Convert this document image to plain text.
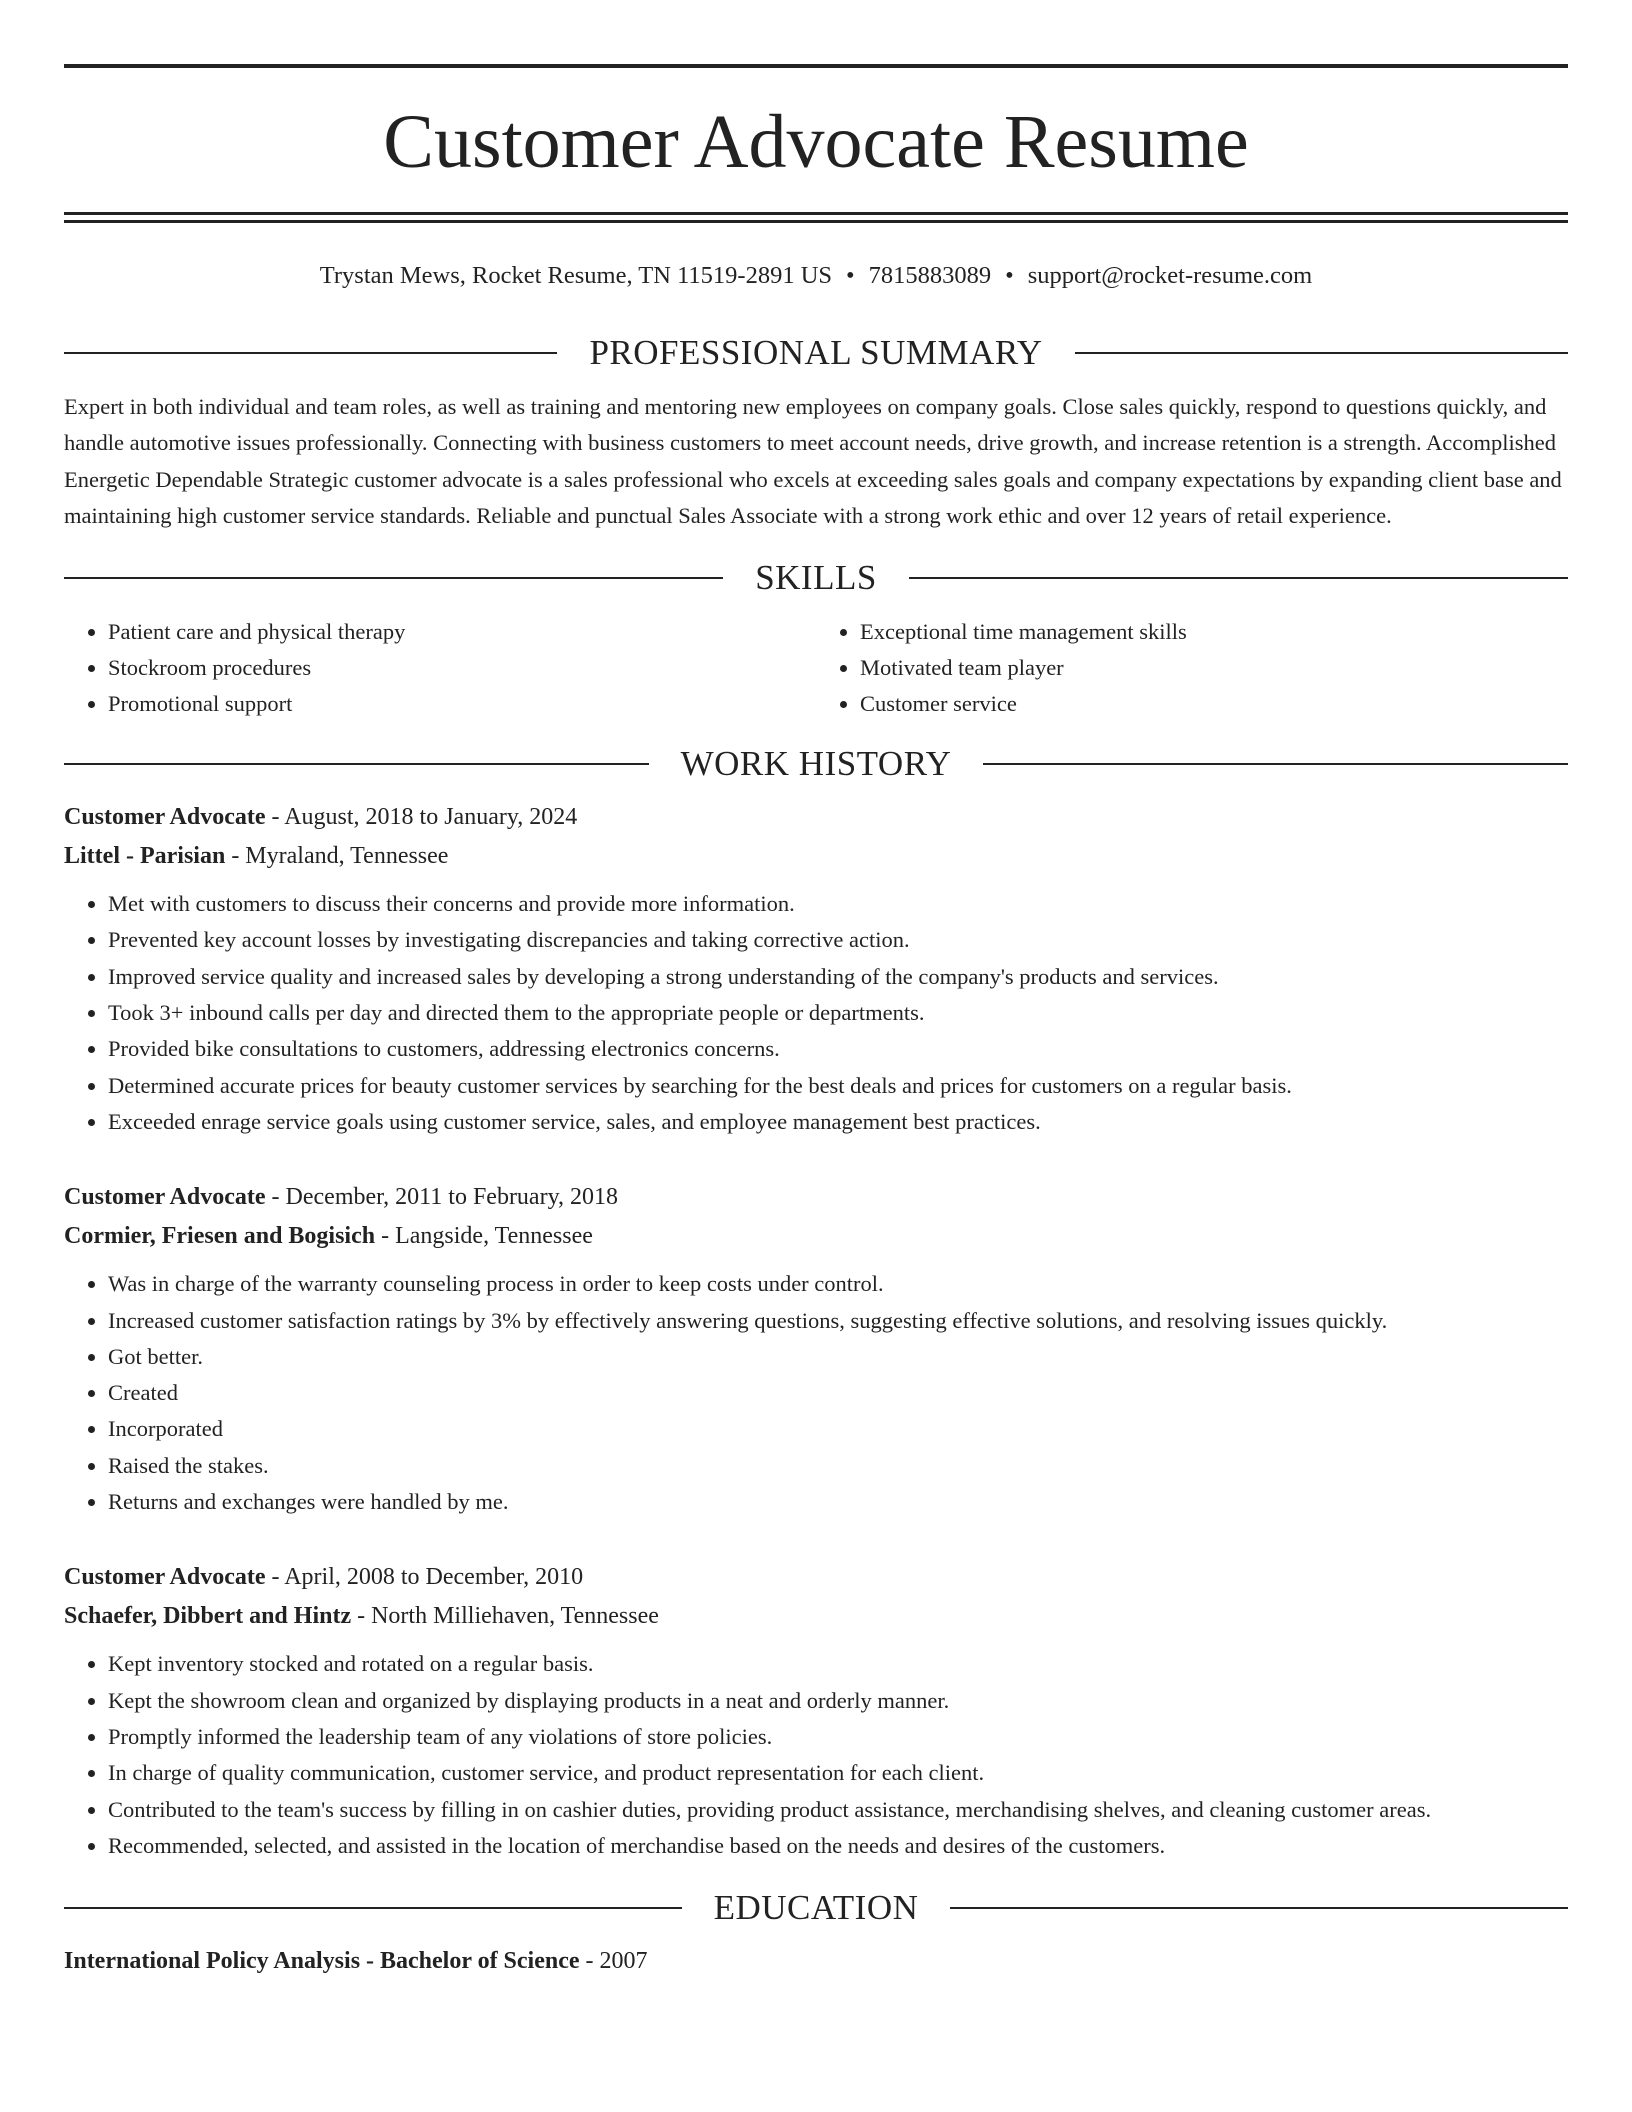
Customer Advocate Resume
Trystan Mews, Rocket Resume, TN 11519-2891 US • 7815883089 • support@rocket-resume.com
PROFESSIONAL SUMMARY

Expert in both individual and team roles, as well as training and mentoring new employees on company goals. Close sales quickly, respond to questions quickly, and handle automotive issues professionally. Connecting with business customers to meet account needs, drive growth, and increase retention is a strength. Accomplished Energetic Dependable Strategic customer advocate is a sales professional who excels at exceeding sales goals and company expectations by expanding client base and maintaining high customer service standards. Reliable and punctual Sales Associate with a strong work ethic and over 12 years of retail experience.

SKILLS
• Patient care and physical therapy
• Stockroom procedures
• Promotional support
• Exceptional time management skills
• Motivated team player
• Customer service
WORK HISTORY
Customer Advocate - August, 2018 to January, 2024
Littel - Parisian - Myraland, Tennessee
• Met with customers to discuss their concerns and provide more information.
• Prevented key account losses by investigating discrepancies and taking corrective action.
• Improved service quality and increased sales by developing a strong understanding of the company's products and services.
• Took 3+ inbound calls per day and directed them to the appropriate people or departments.
• Provided bike consultations to customers, addressing electronics concerns.
• Determined accurate prices for beauty customer services by searching for the best deals and prices for customers on a regular basis.
• Exceeded enrage service goals using customer service, sales, and employee management best practices.
Customer Advocate - December, 2011 to February, 2018
Cormier, Friesen and Bogisich - Langside, Tennessee
• Was in charge of the warranty counseling process in order to keep costs under control.
• Increased customer satisfaction ratings by 3% by effectively answering questions, suggesting effective solutions, and resolving issues quickly.
• Got better.
• Created
• Incorporated
• Raised the stakes.
• Returns and exchanges were handled by me.
Customer Advocate - April, 2008 to December, 2010
Schaefer, Dibbert and Hintz - North Milliehaven, Tennessee
• Kept inventory stocked and rotated on a regular basis.
• Kept the showroom clean and organized by displaying products in a neat and orderly manner.
• Promptly informed the leadership team of any violations of store policies.
• In charge of quality communication, customer service, and product representation for each client.
• Contributed to the team's success by filling in on cashier duties, providing product assistance, merchandising shelves, and cleaning customer areas.
• Recommended, selected, and assisted in the location of merchandise based on the needs and desires of the customers.
EDUCATION
International Policy Analysis - Bachelor of Science - 2007
